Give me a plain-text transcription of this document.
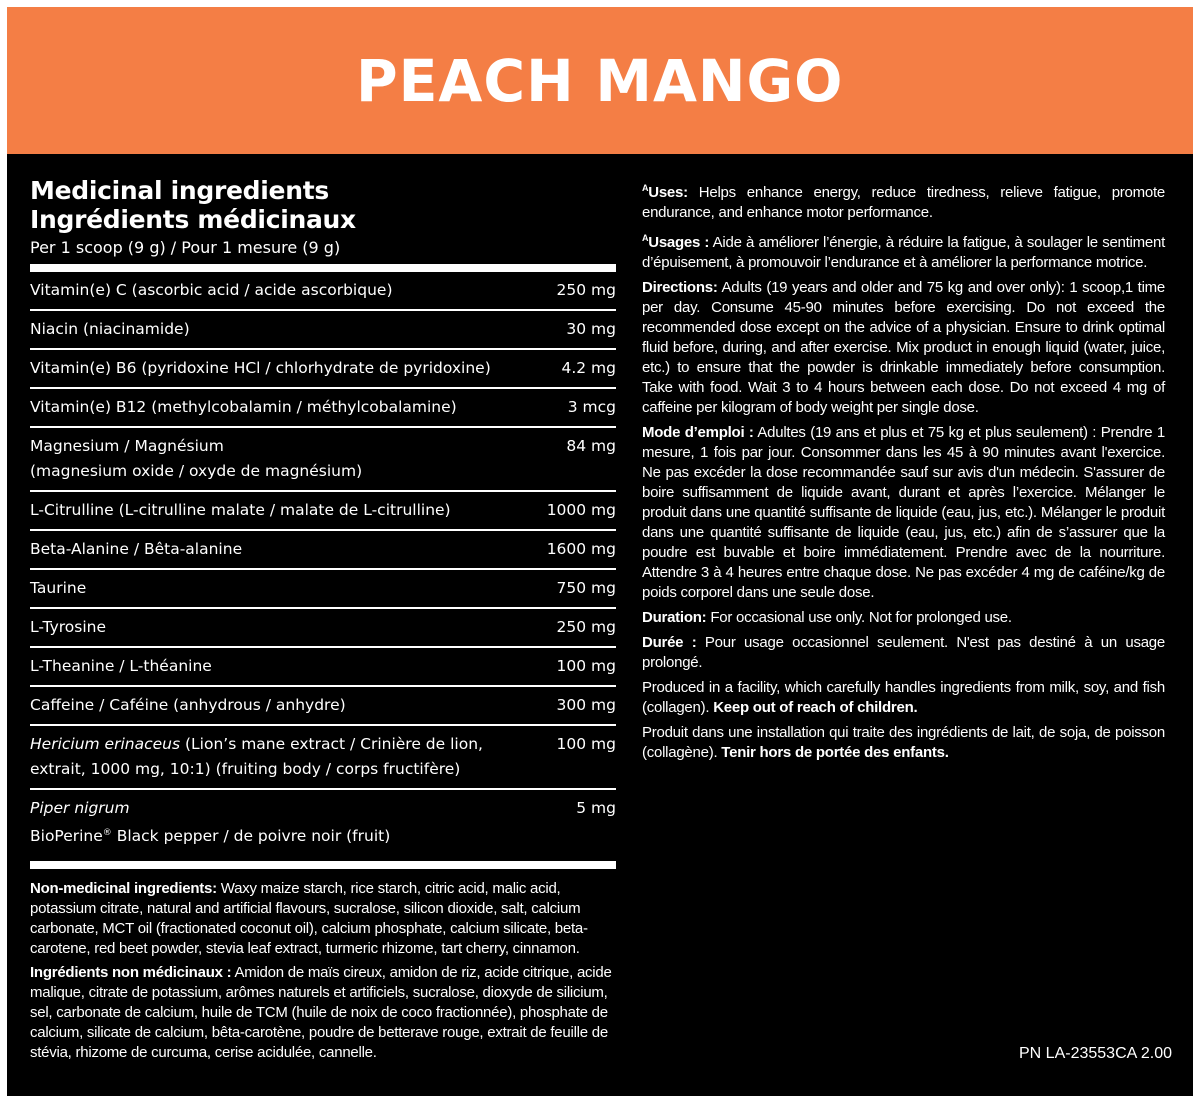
PEACH MANGO
Medicinal ingredients
Ingrédients médicinaux
Per 1 scoop (9 g) / Pour 1 mesure (9 g)
Vitamin(e) C (ascorbic acid / acide ascorbique)	250 mg
Niacin (niacinamide)	30 mg
Vitamin(e) B6 (pyridoxine HCl / chlorhydrate de pyridoxine)	4.2 mg
Vitamin(e) B12 (methylcobalamin / méthylcobalamine)	3 mcg
Magnesium / Magnésium
(magnesium oxide / oxyde de magnésium)	84 mg
L-Citrulline (L-citrulline malate / malate de L-citrulline)	1000 mg
Beta-Alanine / Bêta-alanine	1600 mg
Taurine	750 mg
L-Tyrosine	250 mg
L-Theanine / L-théanine	100 mg
Caffeine / Caféine (anhydrous / anhydre)	300 mg
Hericium erinaceus (Lion’s mane extract / Crinière de lion,
extrait, 1000 mg, 10:1) (fruiting body / corps fructifère)	100 mg
Piper nigrum
BioPerine® Black pepper / de poivre noir (fruit)	5 mg

Non-medicinal ingredients: Waxy maize starch, rice starch, citric acid, malic acid, potassium citrate, natural and artificial flavours, sucralose, silicon dioxide, salt, calcium carbonate, MCT oil (fractionated coconut oil), calcium phosphate, calcium silicate, beta-carotene, red beet powder, stevia leaf extract, turmeric rhizome, tart cherry, cinnamon.

Ingrédients non médicinaux : Amidon de maïs cireux, amidon de riz, acide citrique, acide malique, citrate de potassium, arômes naturels et artificiels, sucralose, dioxyde de silicium, sel, carbonate de calcium, huile de TCM (huile de noix de coco fractionnée), phosphate de calcium, silicate de calcium, bêta-carotène, poudre de betterave rouge, extrait de feuille de stévia, rhizome de curcuma, cerise acidulée, cannelle.

$^A$Uses: Helps enhance energy, reduce tiredness, relieve fatigue, promote endurance, and enhance motor performance.

$^A$Usages : Aide à améliorer l’énergie, à réduire la fatigue, à soulager le sentiment d’épuisement, à promouvoir l’endurance et à améliorer la performance motrice.

Directions: Adults (19 years and older and 75 kg and over only): 1 scoop,1 time per day. Consume 45-90 minutes before exercising. Do not exceed the recommended dose except on the advice of a physician. Ensure to drink optimal fluid before, during, and after exercise. Mix product in enough liquid (water, juice, etc.) to ensure that the powder is drinkable immediately before consumption. Take with food. Wait 3 to 4 hours between each dose. Do not exceed 4 mg of caffeine per kilogram of body weight per single dose.

Mode d’emploi : Adultes (19 ans et plus et 75 kg et plus seulement) : Prendre 1 mesure, 1 fois par jour. Consommer dans les 45 à 90 minutes avant l'exercice. Ne pas excéder la dose recommandée sauf sur avis d'un médecin. S'assurer de boire suffisamment de liquide avant, durant et après l’exercice. Mélanger le produit dans une quantité suffisante de liquide (eau, jus, etc.). Mélanger le produit dans une quantité suffisante de liquide (eau, jus, etc.) afin de s’assurer que la poudre est buvable et boire immédiatement. Prendre avec de la nourriture. Attendre 3 à 4 heures entre chaque dose. Ne pas excéder 4 mg de caféine/kg de poids corporel dans une seule dose.

Duration: For occasional use only. Not for prolonged use.

Durée : Pour usage occasionnel seulement. N'est pas destiné à un usage prolongé.

Produced in a facility, which carefully handles ingredients from milk, soy, and fish (collagen). Keep out of reach of children.

Produit dans une installation qui traite des ingrédients de lait, de soja, de poisson (collagène). Tenir hors de portée des enfants.

PN LA-23553CA 2.00
